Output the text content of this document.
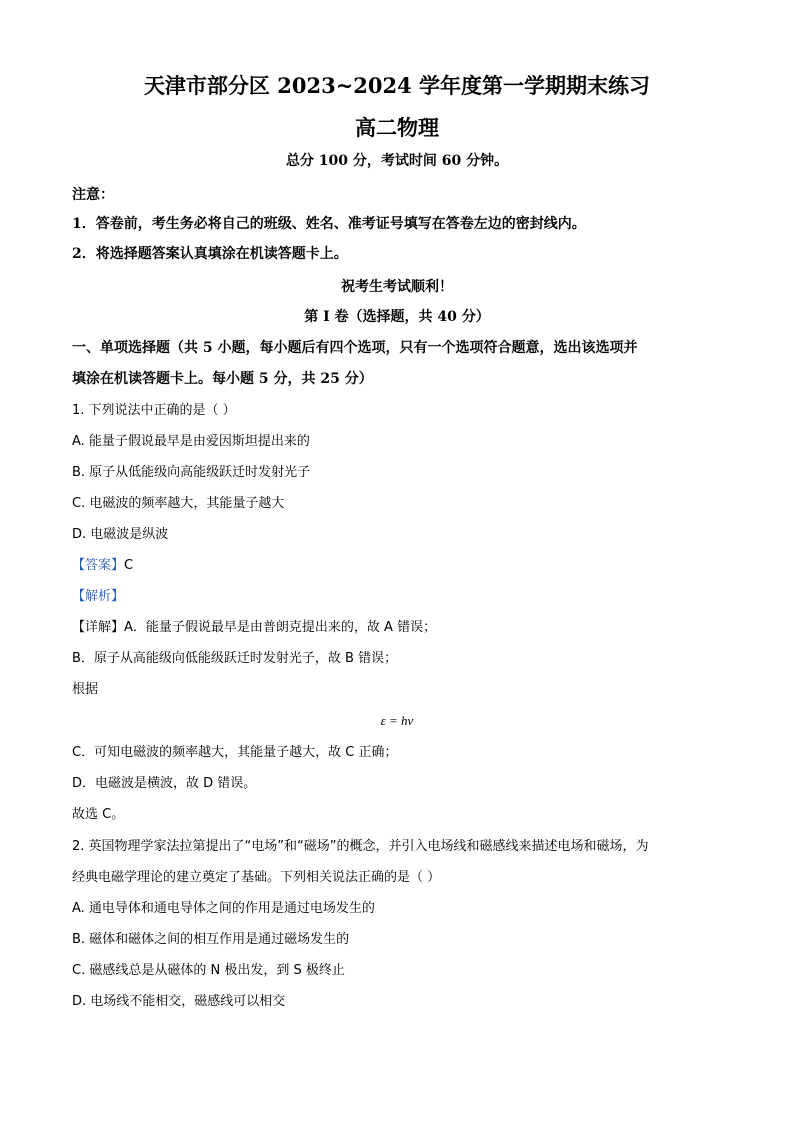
天津市部分区 2023~2024 学年度第一学期期末练习
高二物理
总分 100 分，考试时间 60 分钟。
注意：
1．答卷前，考生务必将自己的班级、姓名、准考证号填写在答卷左边的密封线内。
2．将选择题答案认真填涂在机读答题卡上。
祝考生考试顺利！
第 I 卷（选择题，共 40 分）
一、单项选择题（共 5 小题，每小题后有四个选项，只有一个选项符合题意，选出该选项并
填涂在机读答题卡上。每小题 5 分，共 25 分）
1. 下列说法中正确的是（ ）
A. 能量子假说最早是由爱因斯坦提出来的
B. 原子从低能级向高能级跃迁时发射光子
C. 电磁波的频率越大，其能量子越大
D. 电磁波是纵波
【答案】C
【解析】
【详解】A．能量子假说最早是由普朗克提出来的，故 A 错误；
B．原子从高能级向低能级跃迁时发射光子，故 B 错误；
根据
ε = hν
C．可知电磁波的频率越大，其能量子越大，故 C 正确；
D．电磁波是横波，故 D 错误。
故选 C。
2. 英国物理学家法拉第提出了“电场”和“磁场”的概念，并引入电场线和磁感线来描述电场和磁场，为
经典电磁学理论的建立奠定了基础。下列相关说法正确的是（ ）
A. 通电导体和通电导体之间的作用是通过电场发生的
B. 磁体和磁体之间的相互作用是通过磁场发生的
C. 磁感线总是从磁体的 N 极出发，到 S 极终止
D. 电场线不能相交，磁感线可以相交
